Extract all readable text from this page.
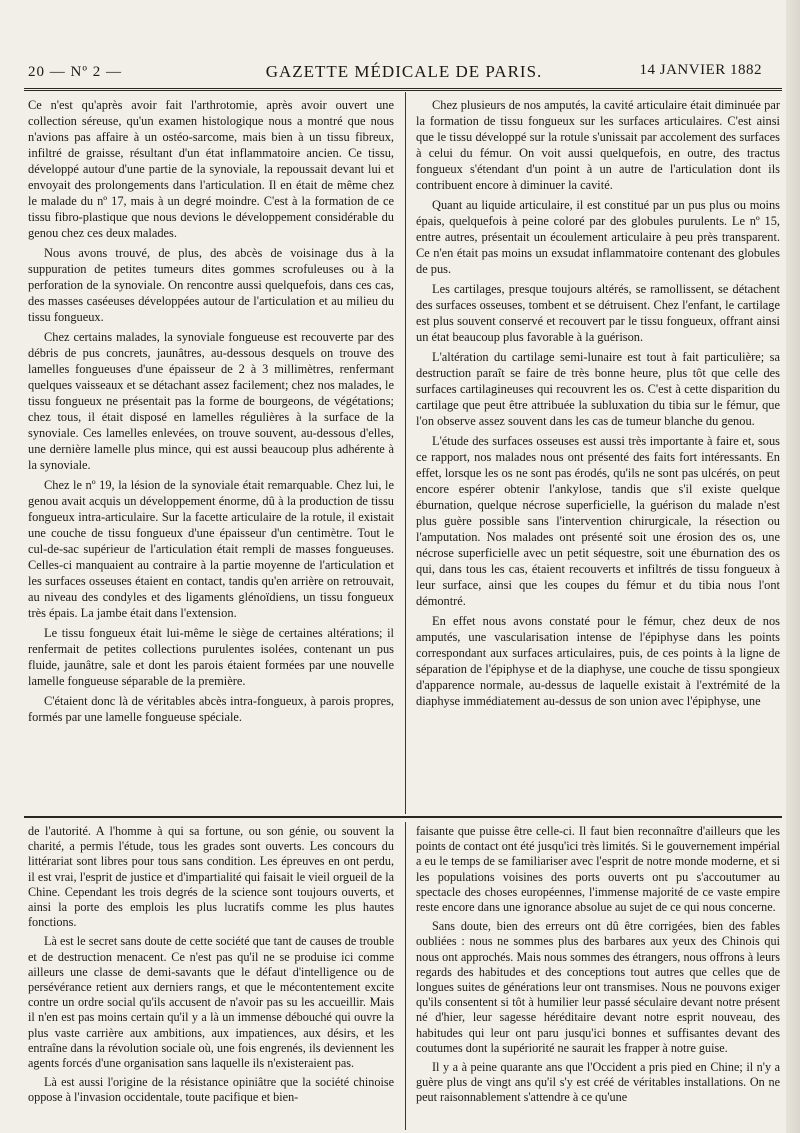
20 — Nº 2 —	GAZETTE MÉDICALE DE PARIS.	14 JANVIER 1882

Ce n'est qu'après avoir fait l'arthrotomie, après avoir ouvert une collection séreuse, qu'un examen histologique nous a montré que nous n'avions pas affaire à un ostéo-sarcome, mais bien à un tissu fibreux, infiltré de graisse, résultant d'un état inflammatoire ancien. Ce tissu, développé autour d'une partie de la synoviale, la repoussait devant lui et envoyait des prolongements dans l'articulation. Il en était de même chez le malade du nº 17, mais à un degré moindre. C'est à la formation de ce tissu fibro-plastique que nous devions le développement considérable du genou chez ces deux malades.

Nous avons trouvé, de plus, des abcès de voisinage dus à la suppuration de petites tumeurs dites gommes scrofuleuses ou à la perforation de la synoviale. On rencontre aussi quelquefois, dans ces cas, des masses caséeuses développées autour de l'articulation et au milieu du tissu fongueux.

Chez certains malades, la synoviale fongueuse est recouverte par des débris de pus concrets, jaunâtres, au-dessous desquels on trouve des lamelles fongueuses d'une épaisseur de 2 à 3 millimètres, renfermant quelques vaisseaux et se détachant assez facilement; chez nos malades, le tissu fongueux ne présentait pas la forme de bourgeons, de végétations; chez tous, il était disposé en lamelles régulières à la surface de la synoviale. Ces lamelles enlevées, on trouve souvent, au-dessous d'elles, une dernière lamelle plus mince, qui est aussi beaucoup plus adhérente à la synoviale.

Chez le nº 19, la lésion de la synoviale était remarquable. Chez lui, le genou avait acquis un développement énorme, dû à la production de tissu fongueux intra-articulaire. Sur la facette articulaire de la rotule, il existait une couche de tissu fongueux d'une épaisseur d'un centimètre. Tout le cul-de-sac supérieur de l'articulation était rempli de masses fongueuses. Celles-ci manquaient au contraire à la partie moyenne de l'articulation et les surfaces osseuses étaient en contact, tandis qu'en arrière on retrouvait, au niveau des condyles et des ligaments glénoïdiens, un tissu fongueux très épais. La jambe était dans l'extension.

Le tissu fongueux était lui-même le siège de certaines altérations; il renfermait de petites collections purulentes isolées, contenant un pus fluide, jaunâtre, sale et dont les parois étaient formées par une nouvelle lamelle fongueuse séparable de la première.

C'étaient donc là de véritables abcès intra-fongueux, à parois propres, formés par une lamelle fongueuse spéciale.

Chez plusieurs de nos amputés, la cavité articulaire était diminuée par la formation de tissu fongueux sur les surfaces articulaires. C'est ainsi que le tissu développé sur la rotule s'unissait par accolement des surfaces à celui du fémur. On voit aussi quelquefois, en outre, des tractus fongueux s'étendant d'un point à un autre de l'articulation dont ils contribuent encore à diminuer la cavité.

Quant au liquide articulaire, il est constitué par un pus plus ou moins épais, quelquefois à peine coloré par des globules purulents. Le nº 15, entre autres, présentait un écoulement articulaire à peu près transparent. Ce n'en était pas moins un exsudat inflammatoire contenant des globules de pus.

Les cartilages, presque toujours altérés, se ramollissent, se détachent des surfaces osseuses, tombent et se détruisent. Chez l'enfant, le cartilage est plus souvent conservé et recouvert par le tissu fongueux, offrant ainsi un état beaucoup plus favorable à la guérison.

L'altération du cartilage semi-lunaire est tout à fait particulière; sa destruction paraît se faire de très bonne heure, plus tôt que celle des surfaces cartilagineuses qui recouvrent les os. C'est à cette disparition du cartilage que peut être attribuée la subluxation du tibia sur le fémur, que l'on observe assez souvent dans les cas de tumeur blanche du genou.

L'étude des surfaces osseuses est aussi très importante à faire et, sous ce rapport, nos malades nous ont présenté des faits fort intéressants. En effet, lorsque les os ne sont pas érodés, qu'ils ne sont pas ulcérés, on peut encore espérer obtenir l'ankylose, tandis que s'il existe quelque éburnation, quelque nécrose superficielle, la guérison du malade n'est plus guère possible sans l'intervention chirurgicale, la résection ou l'amputation. Nos malades ont présenté soit une érosion des os, une nécrose superficielle avec un petit séquestre, soit une éburnation des os qui, dans tous les cas, étaient recouverts et infiltrés de tissu fongueux à leur surface, ainsi que les coupes du fémur et du tibia nous l'ont démontré.

En effet nous avons constaté pour le fémur, chez deux de nos amputés, une vascularisation intense de l'épiphyse dans les points correspondant aux surfaces articulaires, puis, de ces points à la ligne de séparation de l'épiphyse et de la diaphyse, une couche de tissu spongieux d'apparence normale, au-dessus de laquelle existait à l'extrémité de la diaphyse immédiatement au-dessus de son union avec l'épiphyse, une

de l'autorité. A l'homme à qui sa fortune, ou son génie, ou souvent la charité, a permis l'étude, tous les grades sont ouverts. Les concours du littérariat sont libres pour tous sans condition. Les épreuves en ont perdu, il est vrai, l'esprit de justice et d'impartialité qui faisait le vieil orgueil de la Chine. Cependant les trois degrés de la science sont toujours ouverts, et ainsi la porte des emplois les plus lucratifs comme les plus hautes fonctions.

Là est le secret sans doute de cette société que tant de causes de trouble et de destruction menacent. Ce n'est pas qu'il ne se produise ici comme ailleurs une classe de demi-savants que le défaut d'intelligence ou de persévérance retient aux derniers rangs, et que le mécontentement excite contre un ordre social qu'ils accusent de n'avoir pas su les accueillir. Mais il n'en est pas moins certain qu'il y a là un immense débouché qui ouvre la plus vaste carrière aux ambitions, aux impatiences, aux désirs, et les entraîne dans la révolution sociale où, une fois engrenés, ils deviennent les agents forcés d'une organisation sans laquelle ils n'existeraient pas.

Là est aussi l'origine de la résistance opiniâtre que la société chinoise oppose à l'invasion occidentale, toute pacifique et bien-

faisante que puisse être celle-ci. Il faut bien reconnaître d'ailleurs que les points de contact ont été jusqu'ici très limités. Si le gouvernement impérial a eu le temps de se familiariser avec l'esprit de notre monde moderne, et si les populations voisines des ports ouverts ont pu s'accoutumer au spectacle des choses européennes, l'immense majorité de ce vaste empire reste encore dans une ignorance absolue au sujet de ce qui nous concerne.

Sans doute, bien des erreurs ont dû être corrigées, bien des fables oubliées : nous ne sommes plus des barbares aux yeux des Chinois qui nous ont approchés. Mais nous sommes des étrangers, nous offrons à leurs regards des habitudes et des conceptions tout autres que celles que de longues suites de générations leur ont transmises. Nous ne pouvons exiger qu'ils consentent si tôt à humilier leur passé séculaire devant notre présent né d'hier, leur sagesse héréditaire devant notre esprit nouveau, des habitudes qui leur ont paru jusqu'ici bonnes et suffisantes devant des coutumes dont la supériorité ne saurait les frapper à notre guise.

Il y a à peine quarante ans que l'Occident a pris pied en Chine; il n'y a guère plus de vingt ans qu'il s'y est créé de véritables installations. On ne peut raisonnablement s'attendre à ce qu'une
